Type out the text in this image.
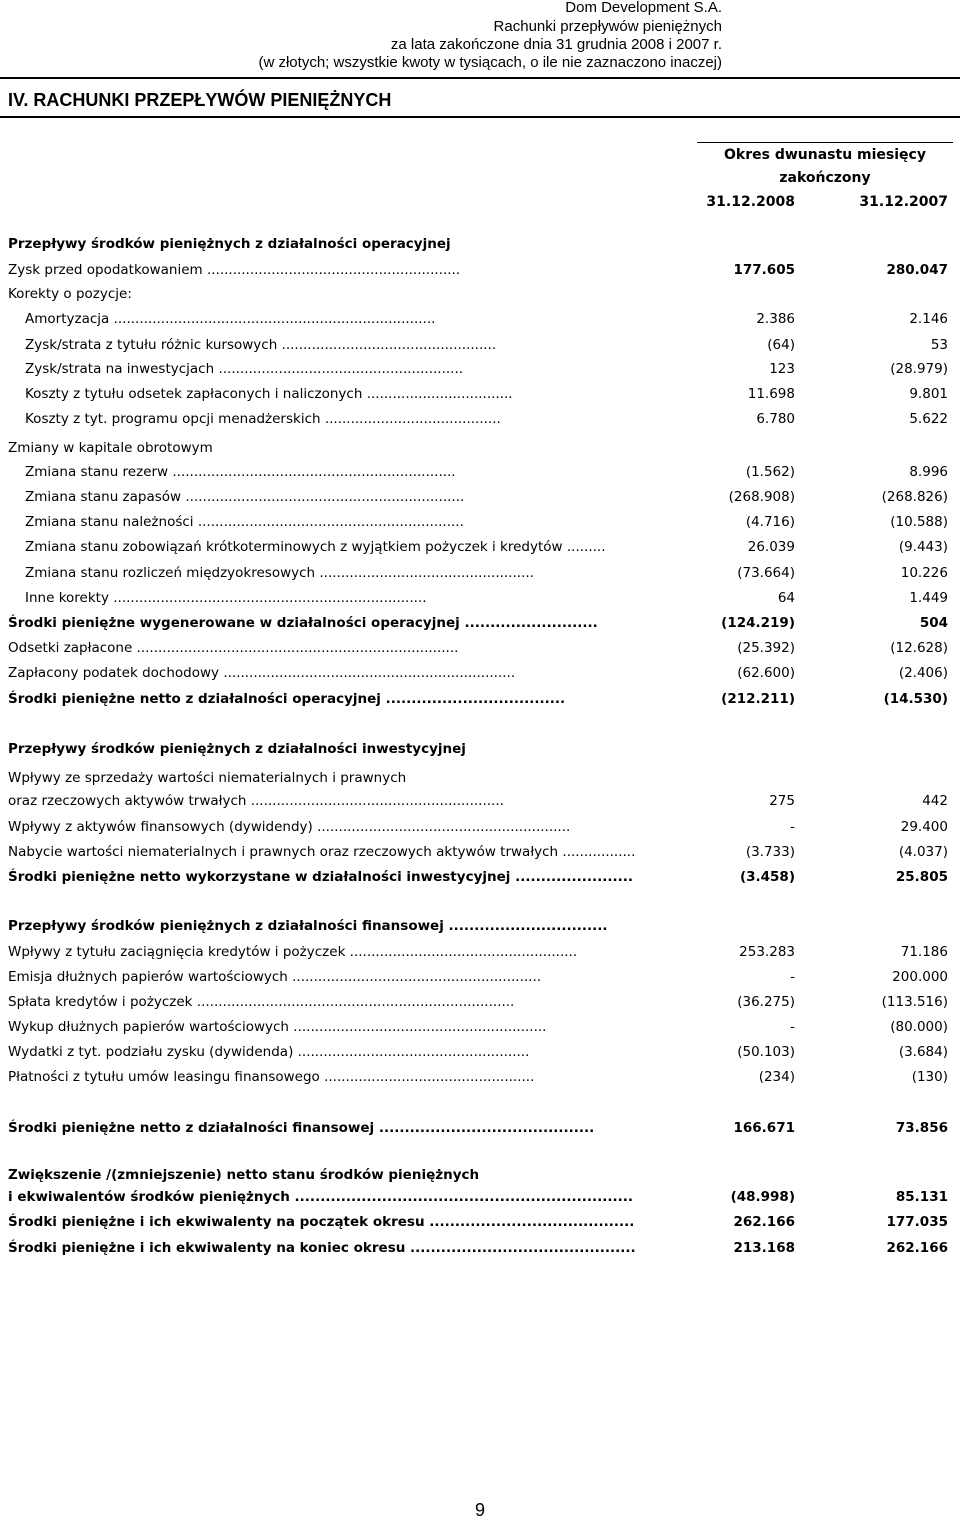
Dom Development S.A.
Rachunki przepływów pieniężnych
za lata zakończone dnia 31 grudnia 2008 i 2007 r.
(w złotych; wszystkie kwoty w tysiącach, o ile nie zaznaczono inaczej)
IV. RACHUNKI PRZEPŁYWÓW PIENIĘŻNYCH
Okres dwunastu miesięcy
zakończony
31.12.2008	31.12.2007
Przepływy środków pieniężnych z działalności operacyjnej
Zysk przed opodatkowaniem ...........................................................	177.605	280.047
Korekty o pozycje:
Amortyzacja ...........................................................................	2.386	2.146
Zysk/strata z tytułu różnic kursowych ..................................................	(64)	53
Zysk/strata na inwestycjach .........................................................	123	(28.979)
Koszty z tytułu odsetek zapłaconych i naliczonych ..................................	11.698	9.801
Koszty z tyt. programu opcji menadżerskich .........................................	6.780	5.622
Zmiany w kapitale obrotowym
Zmiana stanu rezerw ..................................................................	(1.562)	8.996
Zmiana stanu zapasów .................................................................	(268.908)	(268.826)
Zmiana stanu należności ..............................................................	(4.716)	(10.588)
Zmiana stanu zobowiązań krótkoterminowych z wyjątkiem pożyczek i kredytów .........	26.039	(9.443)
Zmiana stanu rozliczeń międzyokresowych ..................................................	(73.664)	10.226
Inne korekty .........................................................................	64	1.449
Środki pieniężne wygenerowane w działalności operacyjnej ..........................	(124.219)	504
Odsetki zapłacone ...........................................................................	(25.392)	(12.628)
Zapłacony podatek dochodowy ....................................................................	(62.600)	(2.406)
Środki pieniężne netto z działalności operacyjnej ...................................	(212.211)	(14.530)
Przepływy środków pieniężnych z działalności inwestycyjnej
Wpływy ze sprzedaży wartości niematerialnych i prawnych
oraz rzeczowych aktywów trwałych ...........................................................	275	442
Wpływy z aktywów finansowych (dywidendy) ...........................................................	-	29.400
Nabycie wartości niematerialnych i prawnych oraz rzeczowych aktywów trwałych .................	(3.733)	(4.037)
Środki pieniężne netto wykorzystane w działalności inwestycyjnej .......................	(3.458)	25.805
Przepływy środków pieniężnych z działalności finansowej ...............................
Wpływy z tytułu zaciągnięcia kredytów i pożyczek .....................................................	253.283	71.186
Emisja dłużnych papierów wartościowych ..........................................................	-	200.000
Spłata kredytów i pożyczek ..........................................................................	(36.275)	(113.516)
Wykup dłużnych papierów wartościowych ...........................................................	-	(80.000)
Wydatki z tyt. podziału zysku (dywidenda) ......................................................	(50.103)	(3.684)
Płatności z tytułu umów leasingu finansowego .................................................	(234)	(130)
Środki pieniężne netto z działalności finansowej ..........................................	166.671	73.856
Zwiększenie /(zmniejszenie) netto stanu środków pieniężnych
i ekwiwalentów środków pieniężnych ..................................................................	(48.998)	85.131
Środki pieniężne i ich ekwiwalenty na początek okresu ........................................	262.166	177.035
Środki pieniężne i ich ekwiwalenty na koniec okresu ............................................	213.168	262.166
9
